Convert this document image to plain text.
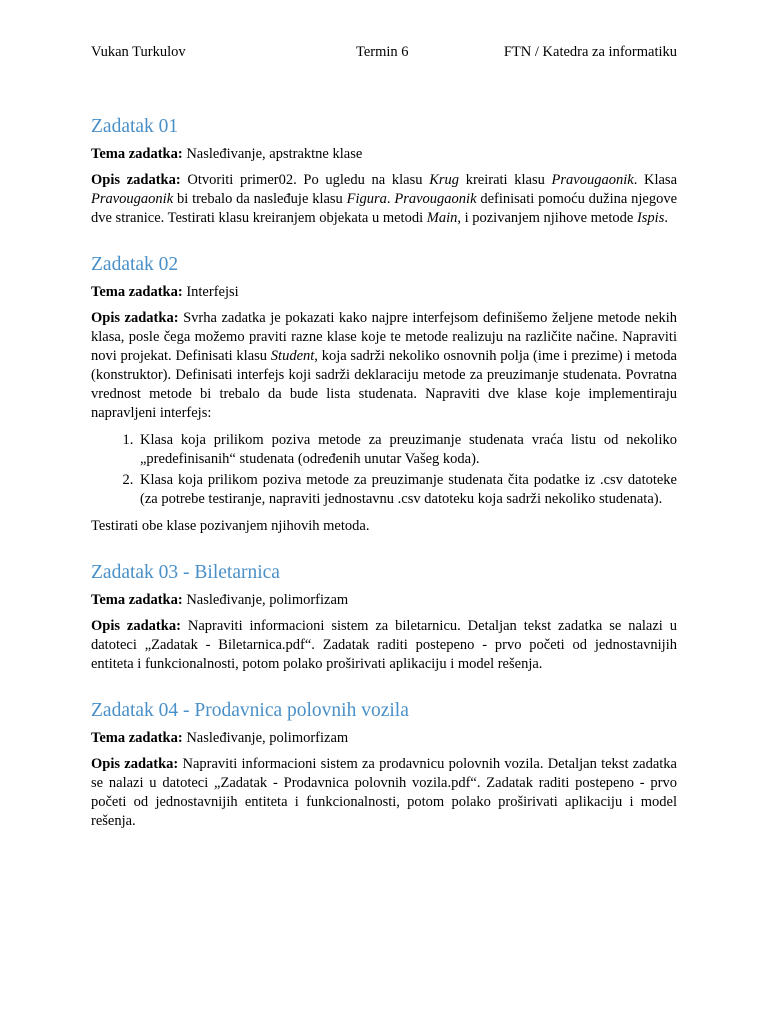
Vukan Turkulov	Termin 6	FTN / Katedra za informatiku
Zadatak 01

Tema zadatka: Nasleđivanje, apstraktne klase

Opis zadatka: Otvoriti primer02. Po ugledu na klasu Krug kreirati klasu Pravougaonik. Klasa Pravougaonik bi trebalo da nasleđuje klasu Figura. Pravougaonik definisati pomoću dužina njegove dve stranice. Testirati klasu kreiranjem objekata u metodi Main, i pozivanjem njihove metode Ispis.

Zadatak 02

Tema zadatka: Interfejsi

Opis zadatka: Svrha zadatka je pokazati kako najpre interfejsom definišemo željene metode nekih klasa, posle čega možemo praviti razne klase koje te metode realizuju na različite načine. Napraviti novi projekat. Definisati klasu Student, koja sadrži nekoliko osnovnih polja (ime i prezime) i metoda (konstruktor). Definisati interfejs koji sadrži deklaraciju metode za preuzimanje studenata. Povratna vrednost metode bi trebalo da bude lista studenata. Napraviti dve klase koje implementiraju napravljeni interfejs:

1. Klasa koja prilikom poziva metode za preuzimanje studenata vraća listu od nekoliko „predefinisanih“ studenata (određenih unutar Vašeg koda).
2. Klasa koja prilikom poziva metode za preuzimanje studenata čita podatke iz .csv datoteke (za potrebe testiranje, napraviti jednostavnu .csv datoteku koja sadrži nekoliko studenata).

Testirati obe klase pozivanjem njihovih metoda.

Zadatak 03 - Biletarnica

Tema zadatka: Nasleđivanje, polimorfizam

Opis zadatka: Napraviti informacioni sistem za biletarnicu. Detaljan tekst zadatka se nalazi u datoteci „Zadatak - Biletarnica.pdf“. Zadatak raditi postepeno - prvo početi od jednostavnijih entiteta i funkcionalnosti, potom polako proširivati aplikaciju i model rešenja.

Zadatak 04 - Prodavnica polovnih vozila

Tema zadatka: Nasleđivanje, polimorfizam

Opis zadatka: Napraviti informacioni sistem za prodavnicu polovnih vozila. Detaljan tekst zadatka se nalazi u datoteci „Zadatak - Prodavnica polovnih vozila.pdf“. Zadatak raditi postepeno - prvo početi od jednostavnijih entiteta i funkcionalnosti, potom polako proširivati aplikaciju i model rešenja.
